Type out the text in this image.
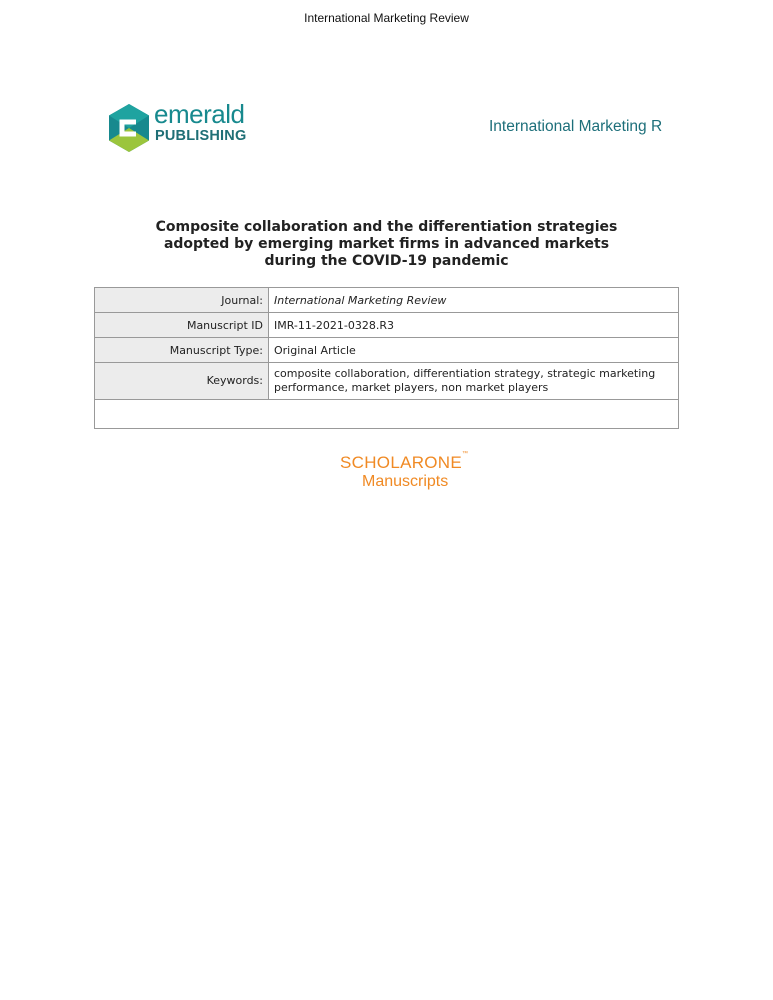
International Marketing Review
emerald
PUBLISHING
International Marketing R
Composite collaboration and the differentiation strategies
adopted by emerging market firms in advanced markets
during the COVID-19 pandemic
Journal:	International Marketing Review
Manuscript ID	IMR-11-2021-0328.R3
Manuscript Type:	Original Article
Keywords:	composite collaboration, differentiation strategy, strategic marketing performance, market players, non market players

SCHOLARONE™
Manuscripts
